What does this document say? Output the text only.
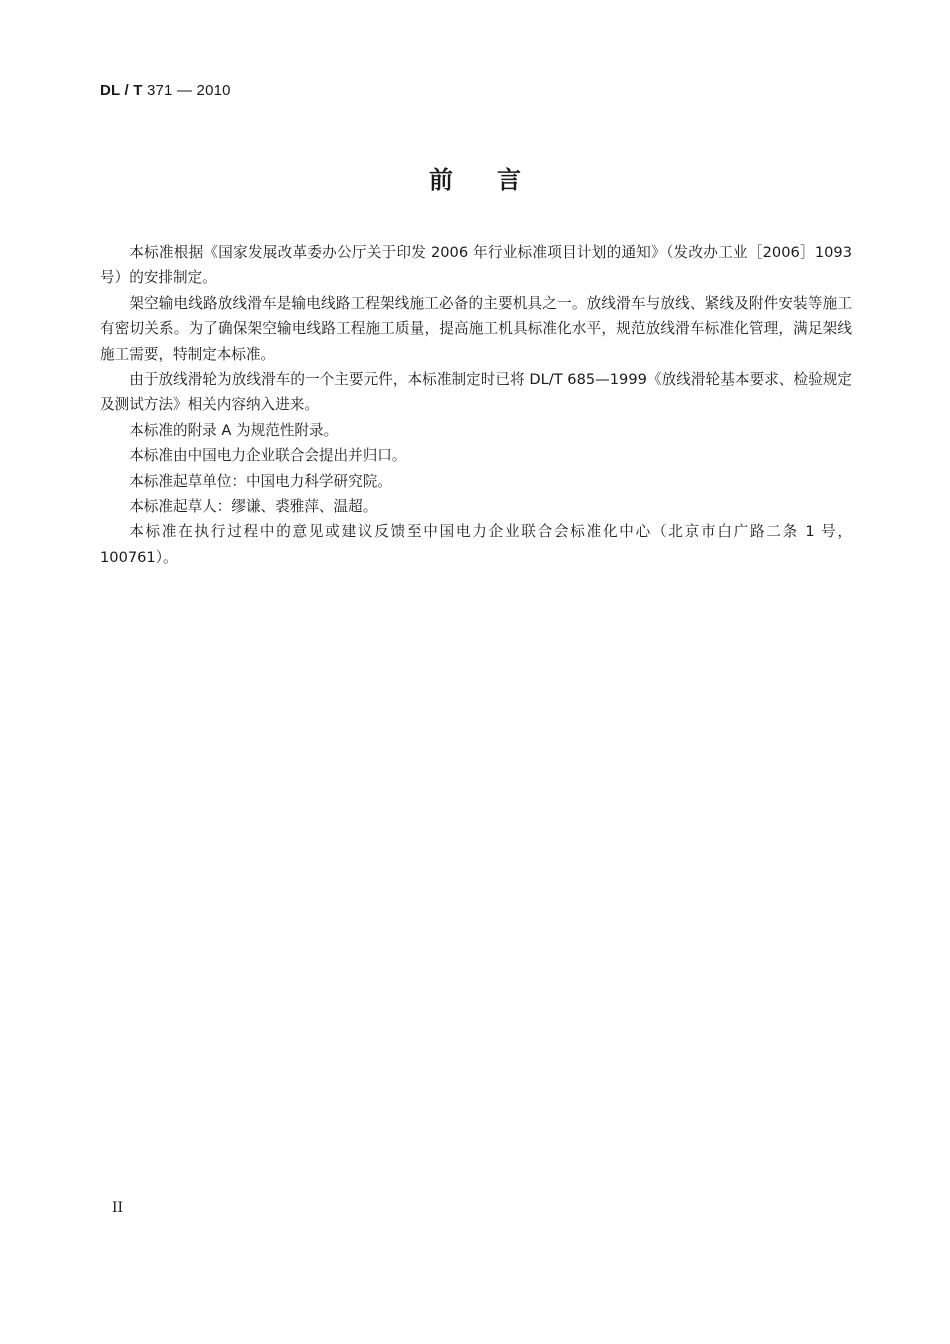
DL / T 371 — 2010
前言

本标准根据《国家发展改革委办公厅关于印发 2006 年行业标准项目计划的通知》（发改办工业［2006］1093 号）的安排制定。

架空输电线路放线滑车是输电线路工程架线施工必备的主要机具之一。放线滑车与放线、紧线及附件安装等施工有密切关系。为了确保架空输电线路工程施工质量，提高施工机具标准化水平，规范放线滑车标准化管理，满足架线施工需要，特制定本标准。

由于放线滑轮为放线滑车的一个主要元件，本标准制定时已将 DL/T 685—1999《放线滑轮基本要求、检验规定及测试方法》相关内容纳入进来。

本标准的附录 A 为规范性附录。

本标准由中国电力企业联合会提出并归口。

本标准起草单位：中国电力科学研究院。

本标准起草人：缪谦、裘雅萍、温超。

本标准在执行过程中的意见或建议反馈至中国电力企业联合会标准化中心（北京市白广路二条 1 号，100761）。

II
